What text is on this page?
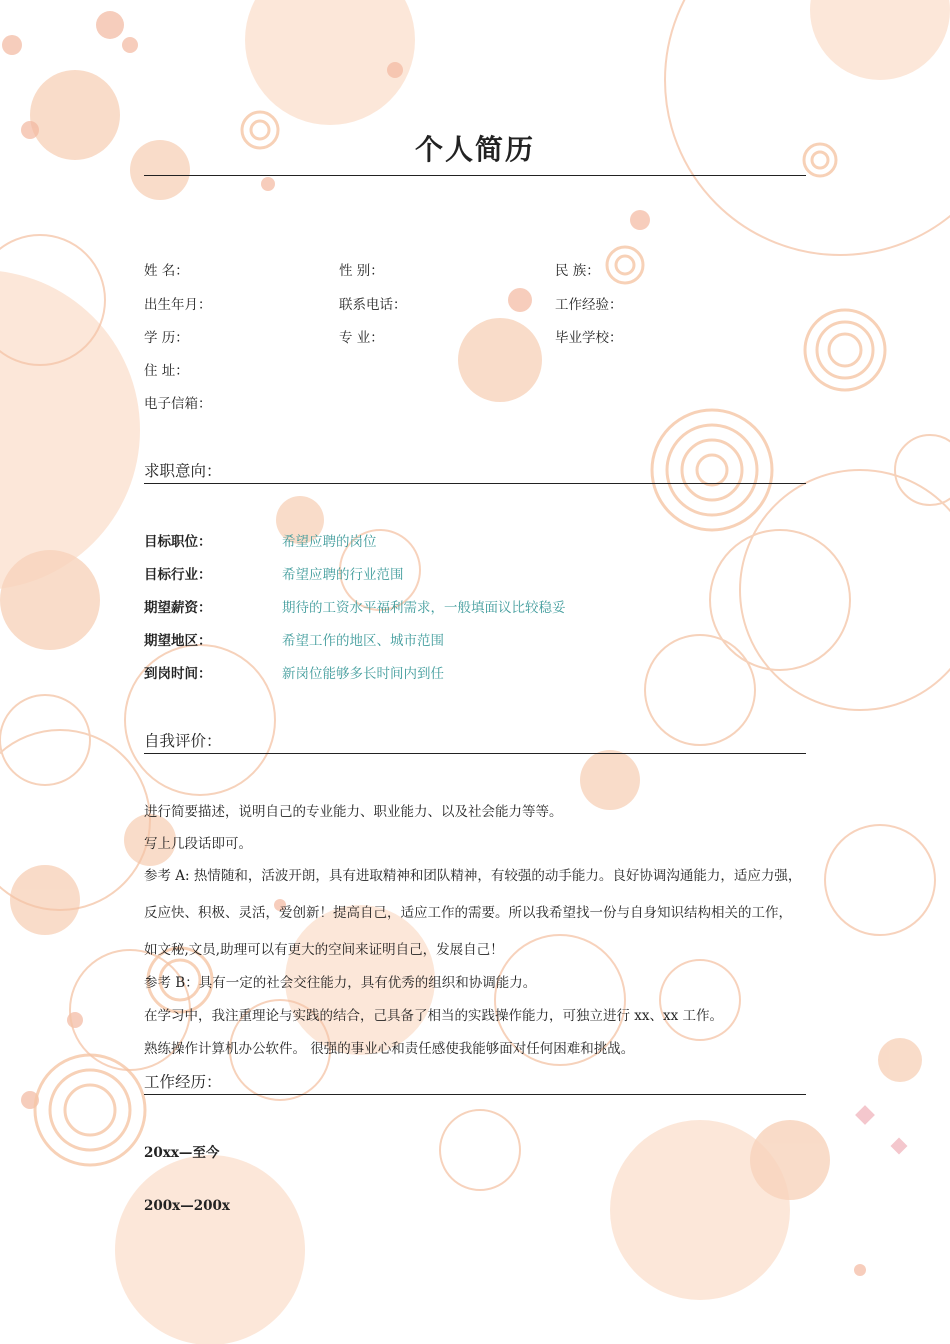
个人简历
姓 名：	性 别：	民 族：
出生年月：	联系电话：	工作经验：
学 历：	专 业：	毕业学校：
住 址：
电子信箱：
求职意向：
目标职位：	希望应聘的岗位
目标行业：	希望应聘的行业范围
期望薪资：	期待的工资水平福利需求，一般填面议比较稳妥
期望地区：	希望工作的地区、城市范围
到岗时间：	新岗位能够多长时间内到任
自我评价：
进行简要描述，说明自己的专业能力、职业能力、以及社会能力等等。
写上几段话即可。
参考 A: 热情随和，活波开朗，具有进取精神和团队精神，有较强的动手能力。良好协调沟通能力，适应力强，
反应快、积极、灵活，爱创新！提高自己，适应工作的需要。所以我希望找一份与自身知识结构相关的工作，
如文秘,文员,助理可以有更大的空间来证明自己，发展自己！
参考 B：具有一定的社会交往能力，具有优秀的组织和协调能力。
在学习中，我注重理论与实践的结合，己具备了相当的实践操作能力，可独立进行 xx、xx 工作。
熟练操作计算机办公软件。 很强的事业心和责任感使我能够面对任何困难和挑战。
工作经历：
20xx—至今
200x—200x
